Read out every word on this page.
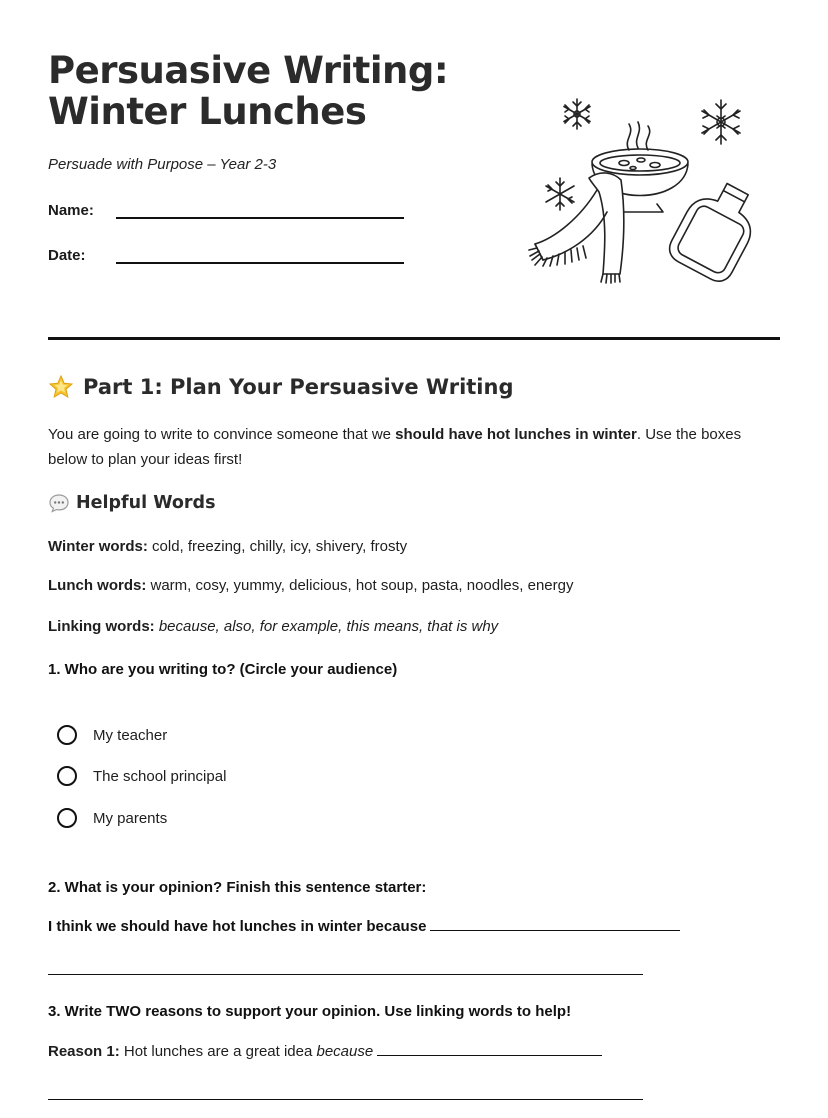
Persuasive Writing:
Winter Lunches
Persuade with Purpose – Year 2-3
Name:
Date:
Part 1: Plan Your Persuasive Writing
You are going to write to convince someone that we should have hot lunches in winter. Use the boxes below to plan your ideas first!
Helpful Words
Winter words: cold, freezing, chilly, icy, shivery, frosty
Lunch words: warm, cosy, yummy, delicious, hot soup, pasta, noodles, energy
Linking words: because, also, for example, this means, that is why
1. Who are you writing to? (Circle your audience)
My teacher
The school principal
My parents
2. What is your opinion? Finish this sentence starter:
I think we should have hot lunches in winter because
3. Write TWO reasons to support your opinion. Use linking words to help!
Reason 1: Hot lunches are a great idea because
